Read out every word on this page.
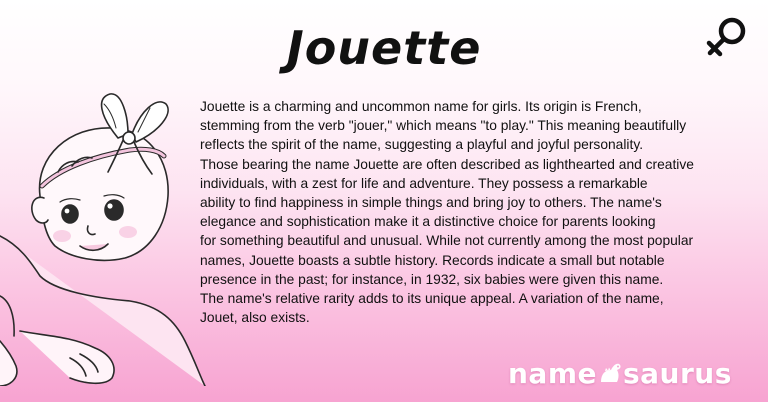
Jouette
Jouette is a charming and uncommon name for girls. Its origin is French,
stemming from the verb "jouer," which means "to play." This meaning beautifully
reflects the spirit of the name, suggesting a playful and joyful personality.
Those bearing the name Jouette are often described as lighthearted and creative
individuals, with a zest for life and adventure. They possess a remarkable
ability to find happiness in simple things and bring joy to others. The name's
elegance and sophistication make it a distinctive choice for parents looking
for something beautiful and unusual. While not currently among the most popular
names, Jouette boasts a subtle history. Records indicate a small but notable
presence in the past; for instance, in 1932, six babies were given this name.
The name's relative rarity adds to its unique appeal. A variation of the name,
Jouet, also exists.
name saurus
